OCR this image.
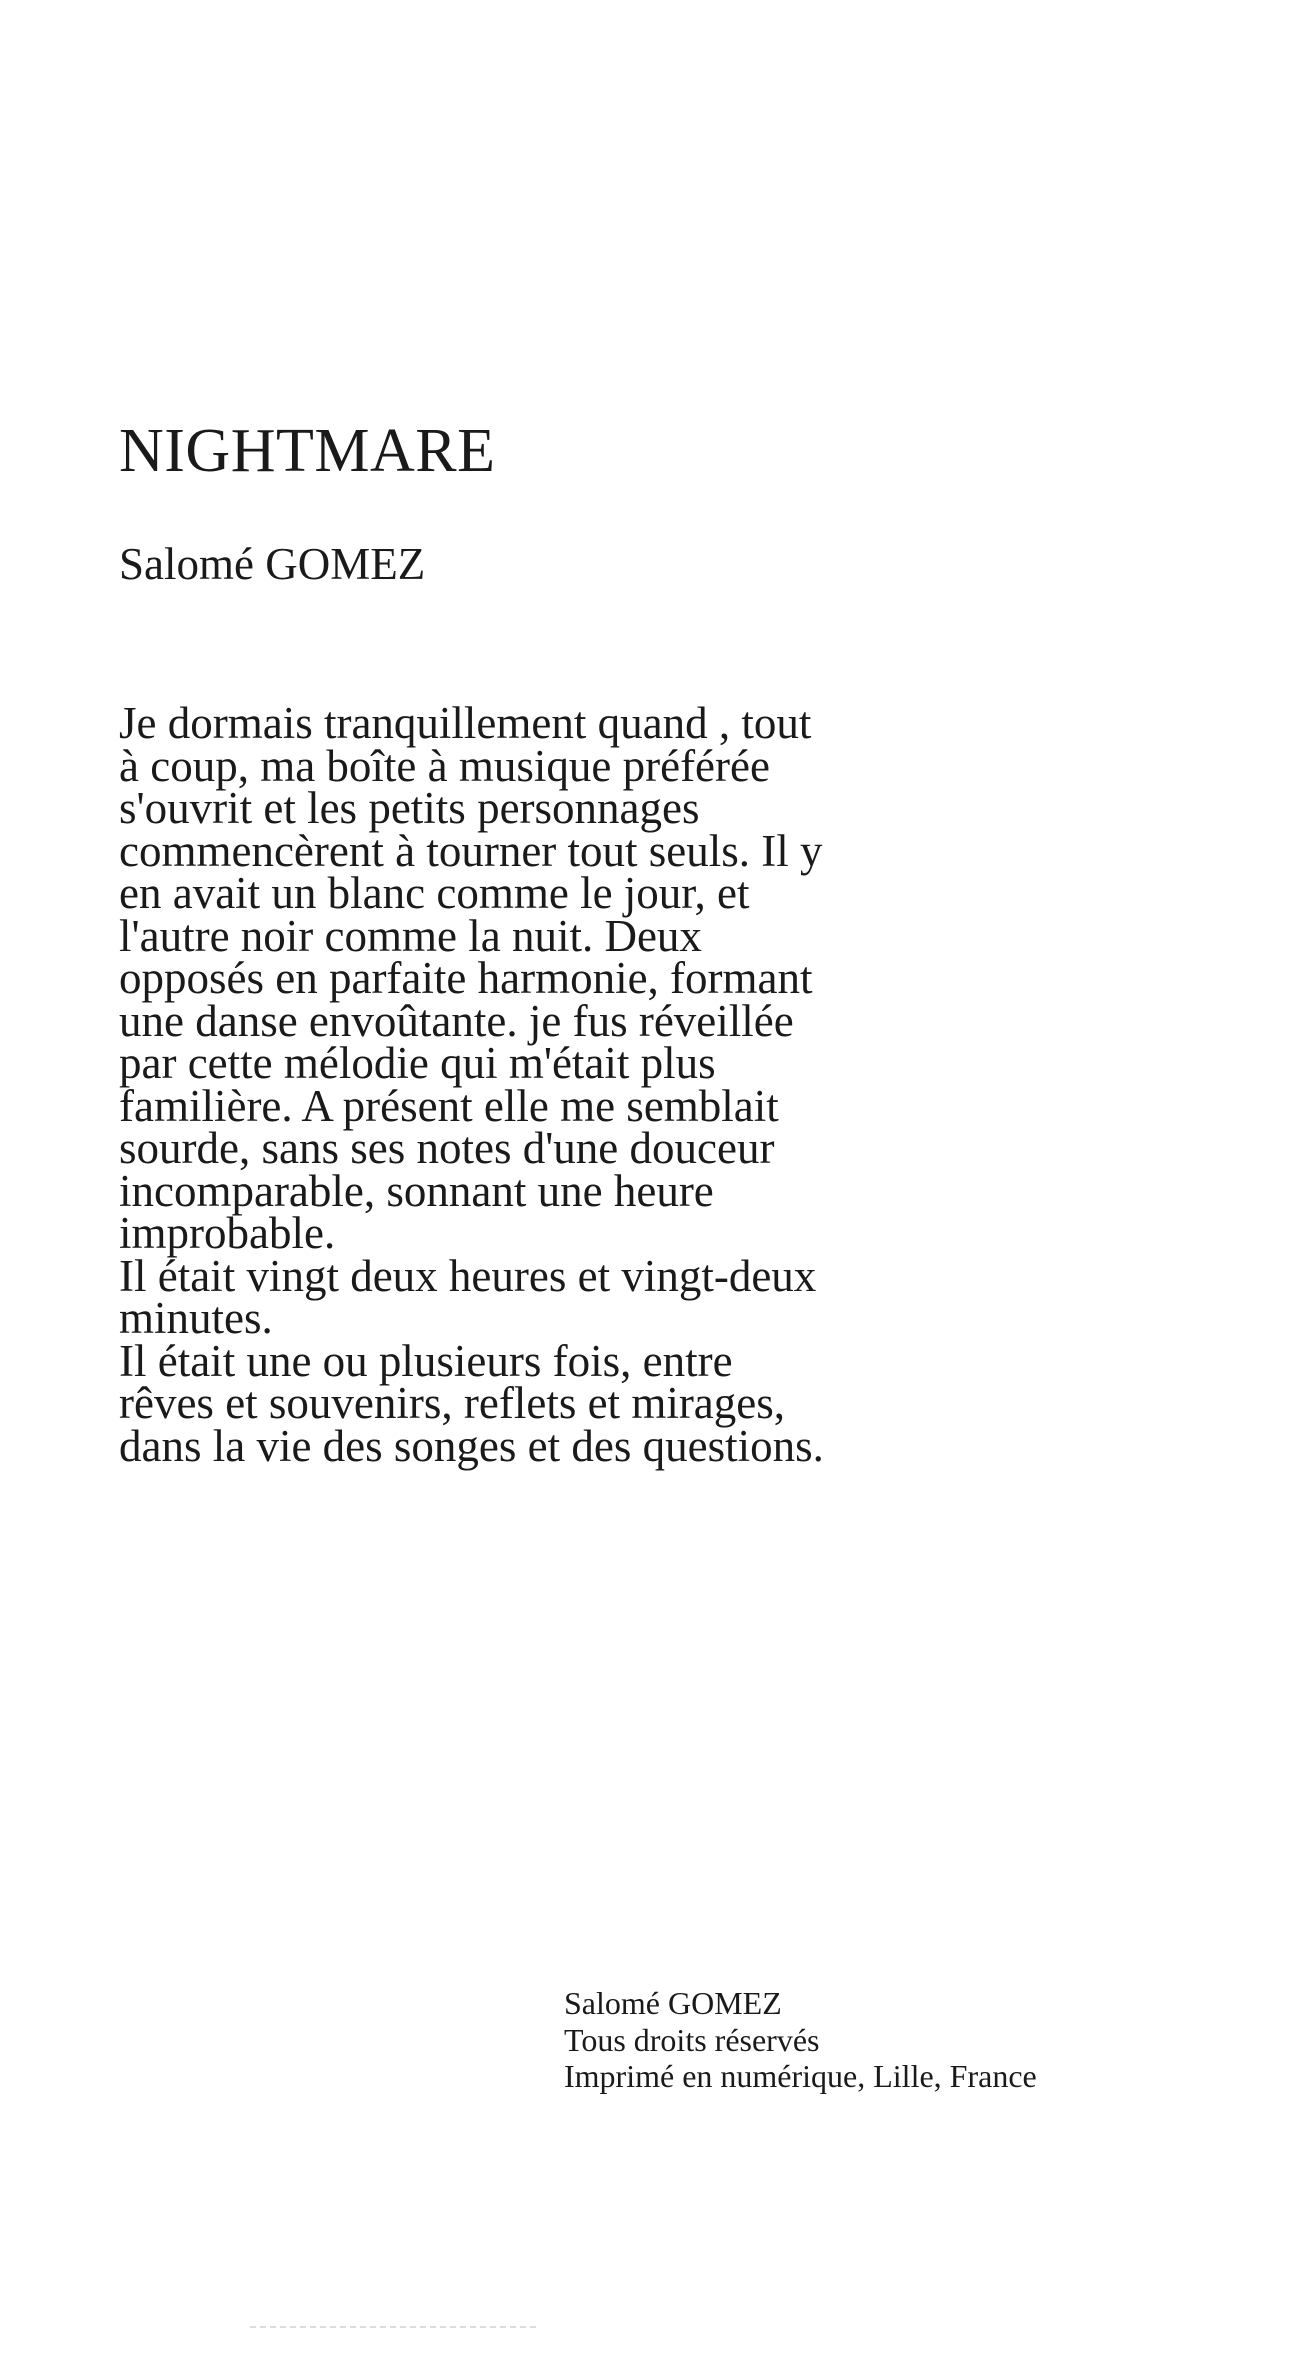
NIGHTMARE
Salomé GOMEZ

Je dormais tranquillement quand , tout
à coup, ma boîte à musique préférée
s'ouvrit et les petits personnages
commencèrent à tourner tout seuls. Il y
en avait un blanc comme le jour, et
l'autre noir comme la nuit. Deux
opposés en parfaite harmonie, formant
une danse envoûtante. je fus réveillée
par cette mélodie qui m'était plus
familière. A présent elle me semblait
sourde, sans ses notes d'une douceur
incomparable, sonnant une heure
improbable.

Il était vingt deux heures et vingt-deux
minutes.

Il était une ou plusieurs fois, entre
rêves et souvenirs, reflets et mirages,
dans la vie des songes et des questions.

Salomé GOMEZ
Tous droits réservés
Imprimé en numérique, Lille, France
